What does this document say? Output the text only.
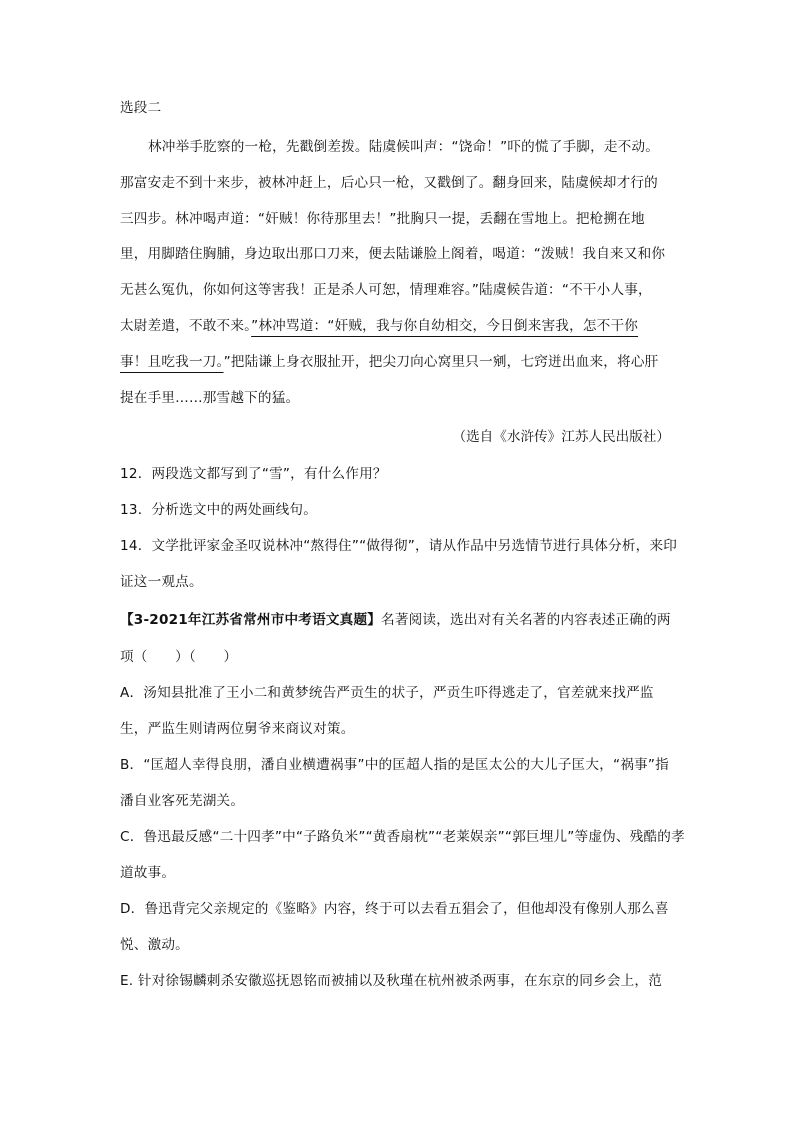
选段二
林冲举手肐察的一枪，先戳倒差拨。陆虞候叫声：“饶命！”吓的慌了手脚，走不动。
那富安走不到十来步，被林冲赶上，后心只一枪，又戳倒了。翻身回来，陆虞候却才行的
三四步。林冲喝声道：“奸贼！你待那里去！”批胸只一提，丢翻在雪地上。把枪搠在地
里，用脚踏住胸脯，身边取出那口刀来，便去陆谦脸上阁着，喝道：“泼贼！我自来又和你
无甚么冤仇，你如何这等害我！正是杀人可恕，情理难容。”陆虞候告道：“不干小人事，
太尉差遣，不敢不来。”林冲骂道：“奸贼，我与你自幼相交，今日倒来害我，怎不干你
事！且吃我一刀。”把陆谦上身衣服扯开，把尖刀向心窝里只一剜，七窍迸出血来，将心肝
提在手里……那雪越下的猛。
（选自《水浒传》江苏人民出版社）
12．两段选文都写到了“雪”，有什么作用？
13．分析选文中的两处画线句。
14．文学批评家金圣叹说林冲“熬得住”“做得彻”，请从作品中另选情节进行具体分析，来印
证这一观点。
【3-2021年江苏省常州市中考语文真题】名著阅读，选出对有关名著的内容表述正确的两
项（　　）（　　）
A．汤知县批准了王小二和黄梦统告严贡生的状子，严贡生吓得逃走了，官差就来找严监
生，严监生则请两位舅爷来商议对策。
B．“匡超人幸得良朋，潘自业横遭祸事”中的匡超人指的是匡太公的大儿子匡大，“祸事”指
潘自业客死芜湖关。
C．鲁迅最反感“二十四孝”中“子路负米”“黄香扇枕”“老莱娱亲”“郭巨埋儿”等虚伪、残酷的孝
道故事。
D．鲁迅背完父亲规定的《鉴略》内容，终于可以去看五猖会了，但他却没有像别人那么喜
悦、激动。
E. 针对徐锡麟刺杀安徽巡抚恩铭而被捕以及秋瑾在杭州被杀两事，在东京的同乡会上，范
